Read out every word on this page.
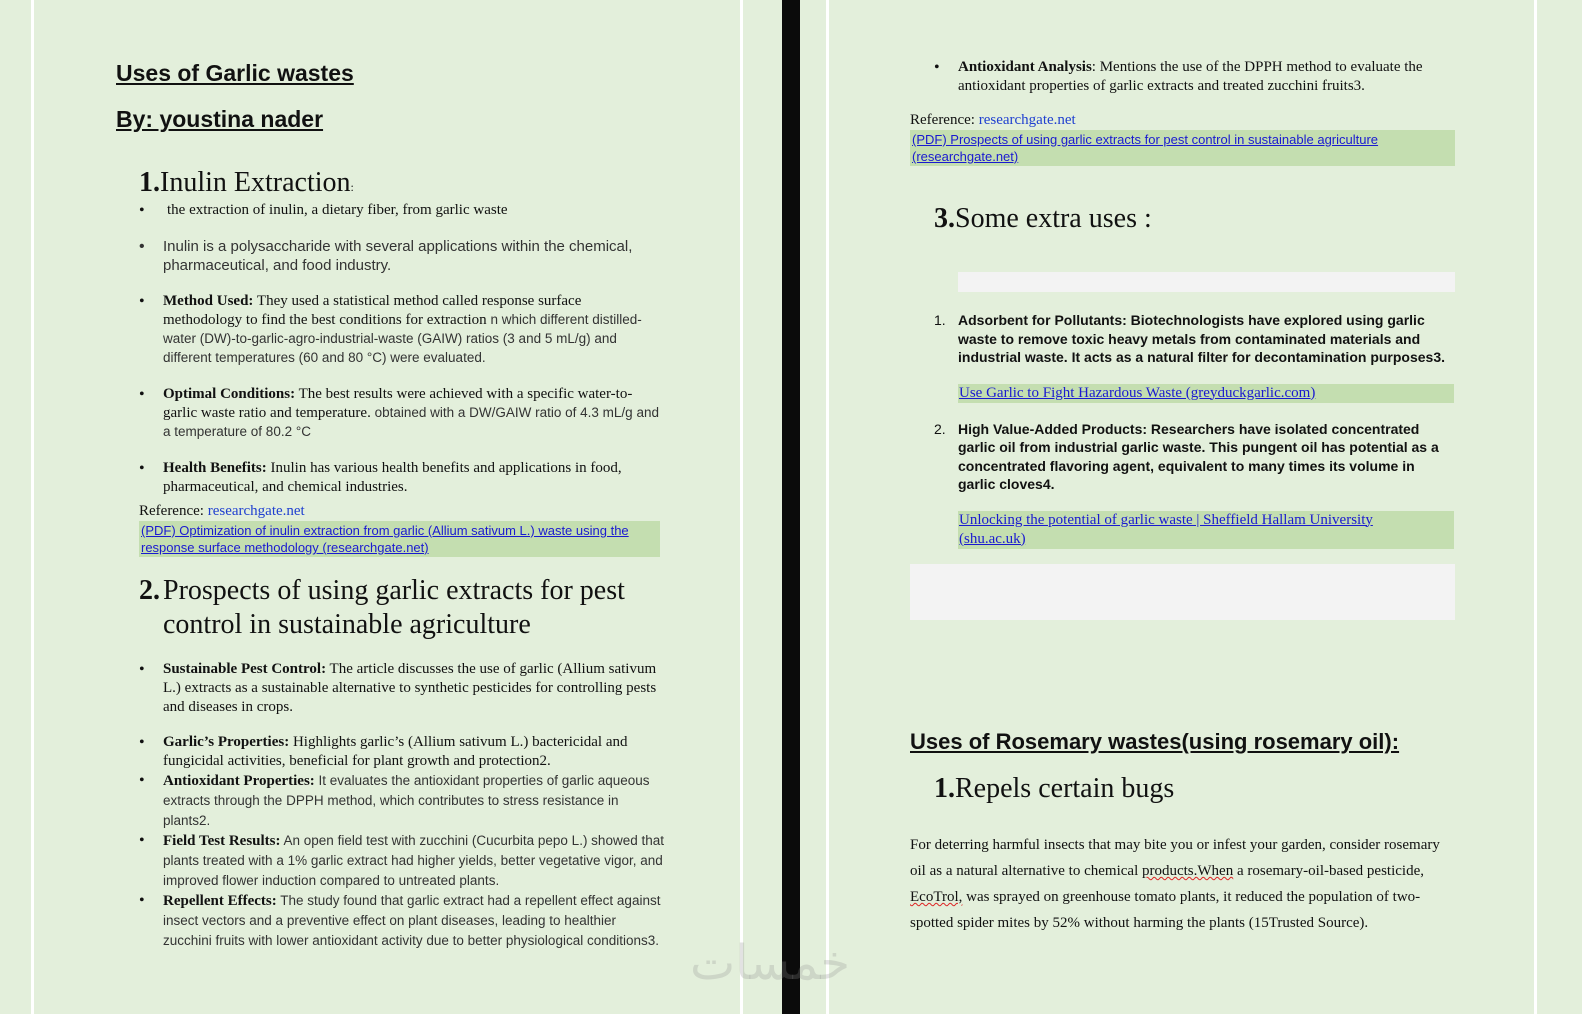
Uses of Garlic wastes
By: youstina nader
1.Inulin Extraction:
• the extraction of inulin, a dietary fiber, from garlic waste
• Inulin is a polysaccharide with several applications within the chemical, pharmaceutical, and food industry.
• Method Used: They used a statistical method called response surface methodology to find the best conditions for extraction n which different distilled-water (DW)-to-garlic-agro-industrial-waste (GAIW) ratios (3 and 5 mL/g) and different temperatures (60 and 80 °C) were evaluated.
• Optimal Conditions: The best results were achieved with a specific water-to-garlic waste ratio and temperature. obtained with a DW/GAIW ratio of 4.3 mL/g and a temperature of 80.2 °C
• Health Benefits: Inulin has various health benefits and applications in food, pharmaceutical, and chemical industries.
Reference: researchgate.net
(PDF) Optimization of inulin extraction from garlic (Allium sativum L.) waste using the response surface methodology (researchgate.net)
2. Prospects of using garlic extracts for pest control in sustainable agriculture
• Sustainable Pest Control: The article discusses the use of garlic (Allium sativum L.) extracts as a sustainable alternative to synthetic pesticides for controlling pests and diseases in crops.
• Garlic’s Properties: Highlights garlic’s (Allium sativum L.) bactericidal and fungicidal activities, beneficial for plant growth and protection2.
• Antioxidant Properties: It evaluates the antioxidant properties of garlic aqueous extracts through the DPPH method, which contributes to stress resistance in plants2.
• Field Test Results: An open field test with zucchini (Cucurbita pepo L.) showed that plants treated with a 1% garlic extract had higher yields, better vegetative vigor, and improved flower induction compared to untreated plants.
• Repellent Effects: The study found that garlic extract had a repellent effect against insect vectors and a preventive effect on plant diseases, leading to healthier zucchini fruits with lower antioxidant activity due to better physiological conditions3.
• Antioxidant Analysis: Mentions the use of the DPPH method to evaluate the antioxidant properties of garlic extracts and treated zucchini fruits3.
Reference: researchgate.net
(PDF) Prospects of using garlic extracts for pest control in sustainable agriculture (researchgate.net)
3.Some extra uses :
1. Adsorbent for Pollutants: Biotechnologists have explored using garlic waste to remove toxic heavy metals from contaminated materials and industrial waste. It acts as a natural filter for decontamination purposes3.
Use Garlic to Fight Hazardous Waste (greyduckgarlic.com)
2. High Value-Added Products: Researchers have isolated concentrated garlic oil from industrial garlic waste. This pungent oil has potential as a concentrated flavoring agent, equivalent to many times its volume in garlic cloves4.
Unlocking the potential of garlic waste | Sheffield Hallam University (shu.ac.uk)
Uses of Rosemary wastes(using rosemary oil):
1.Repels certain bugs
For deterring harmful insects that may bite you or infest your garden, consider rosemary oil as a natural alternative to chemical products.When a rosemary-oil-based pesticide, EcoTrol, was sprayed on greenhouse tomato plants, it reduced the population of two-spotted spider mites by 52% without harming the plants (15Trusted Source).
خمسات
